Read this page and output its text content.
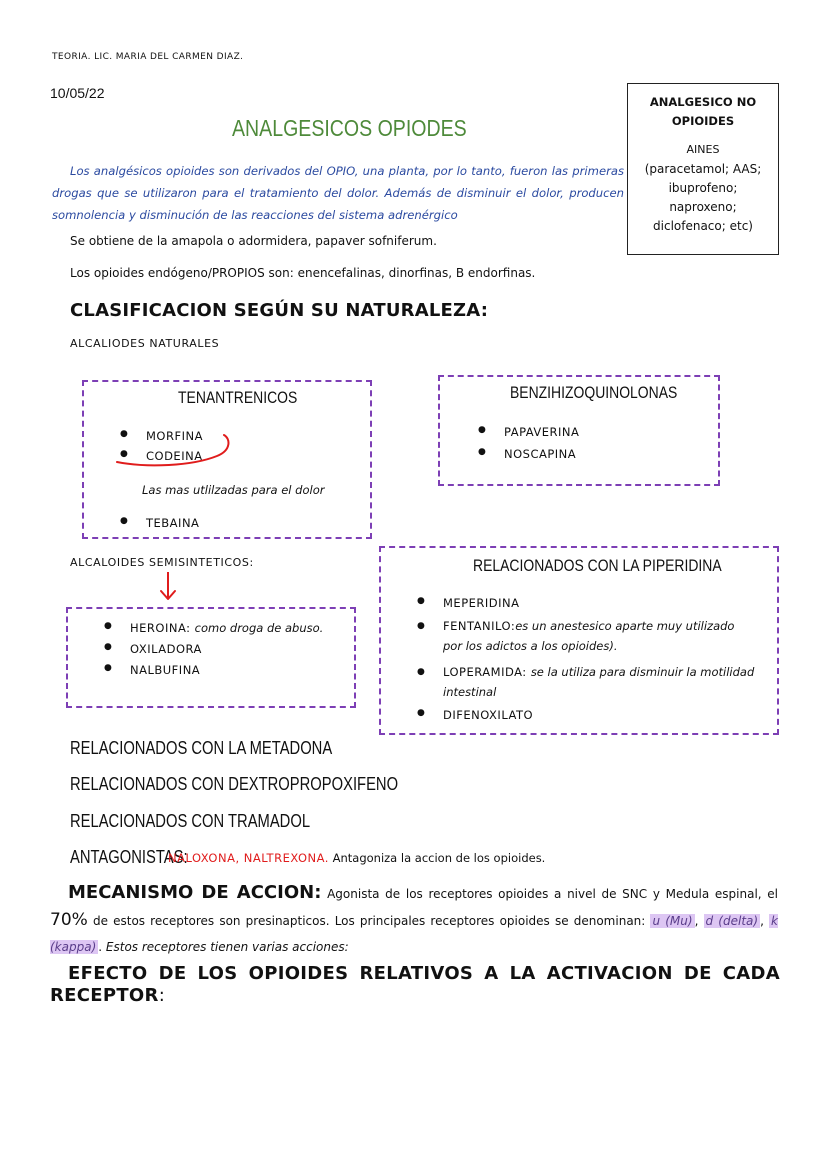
TEORIA. LIC. MARIA DEL CARMEN DIAZ.
10/05/22
ANALGESICOS OPIODES
Los analgésicos opioides son derivados del OPIO, una planta, por lo tanto, fueron las primeras drogas que se utilizaron para el tratamiento del dolor. Además de disminuir el dolor, producen somnolencia y disminución de las reacciones del sistema adrenérgico
Se obtiene de la amapola o adormidera, papaver sofniferum.
Los opioides endógeno/PROPIOS son: enencefalinas, dinorfinas, B endorfinas.
ANALGESICO NO OPIOIDES
AINES
(paracetamol; AAS;
ibuprofeno;
naproxeno;
diclofenaco; etc)
CLASIFICACION SEGÚN SU NATURALEZA:
ALCALIODES NATURALES
TENANTRENICOS
● MORFINA
● CODEINA
Las mas utlilzadas para el dolor
● TEBAINA
BENZIHIZOQUINOLONAS
● PAPAVERINA
● NOSCAPINA
ALCALOIDES SEMISINTETICOS:
● HEROINA: como droga de abuso.
● OXILADORA
● NALBUFINA
RELACIONADOS CON LA PIPERIDINA
● MEPERIDINA
● FENTANILO:es un anestesico aparte muy utilizado por los adictos a los opioides).
● LOPERAMIDA: se la utiliza para disminuir la motilidad intestinal
● DIFENOXILATO
RELACIONADOS CON LA METADONA
RELACIONADOS CON DEXTROPROPOXIFENO
RELACIONADOS CON TRAMADOL
ANTAGONISTAS:
NALOXONA, NALTREXONA. Antagoniza la accion de los opioides.
MECANISMO DE ACCION: Agonista de los receptores opioides a nivel de SNC y Medula espinal, el 70% de estos receptores son presinapticos. Los principales receptores opioides se denominan: u (Mu) , d (delta) , k (kappa) . Estos receptores tienen varias acciones:
EFECTO DE LOS OPIOIDES RELATIVOS A LA ACTIVACION DE CADA RECEPTOR:
